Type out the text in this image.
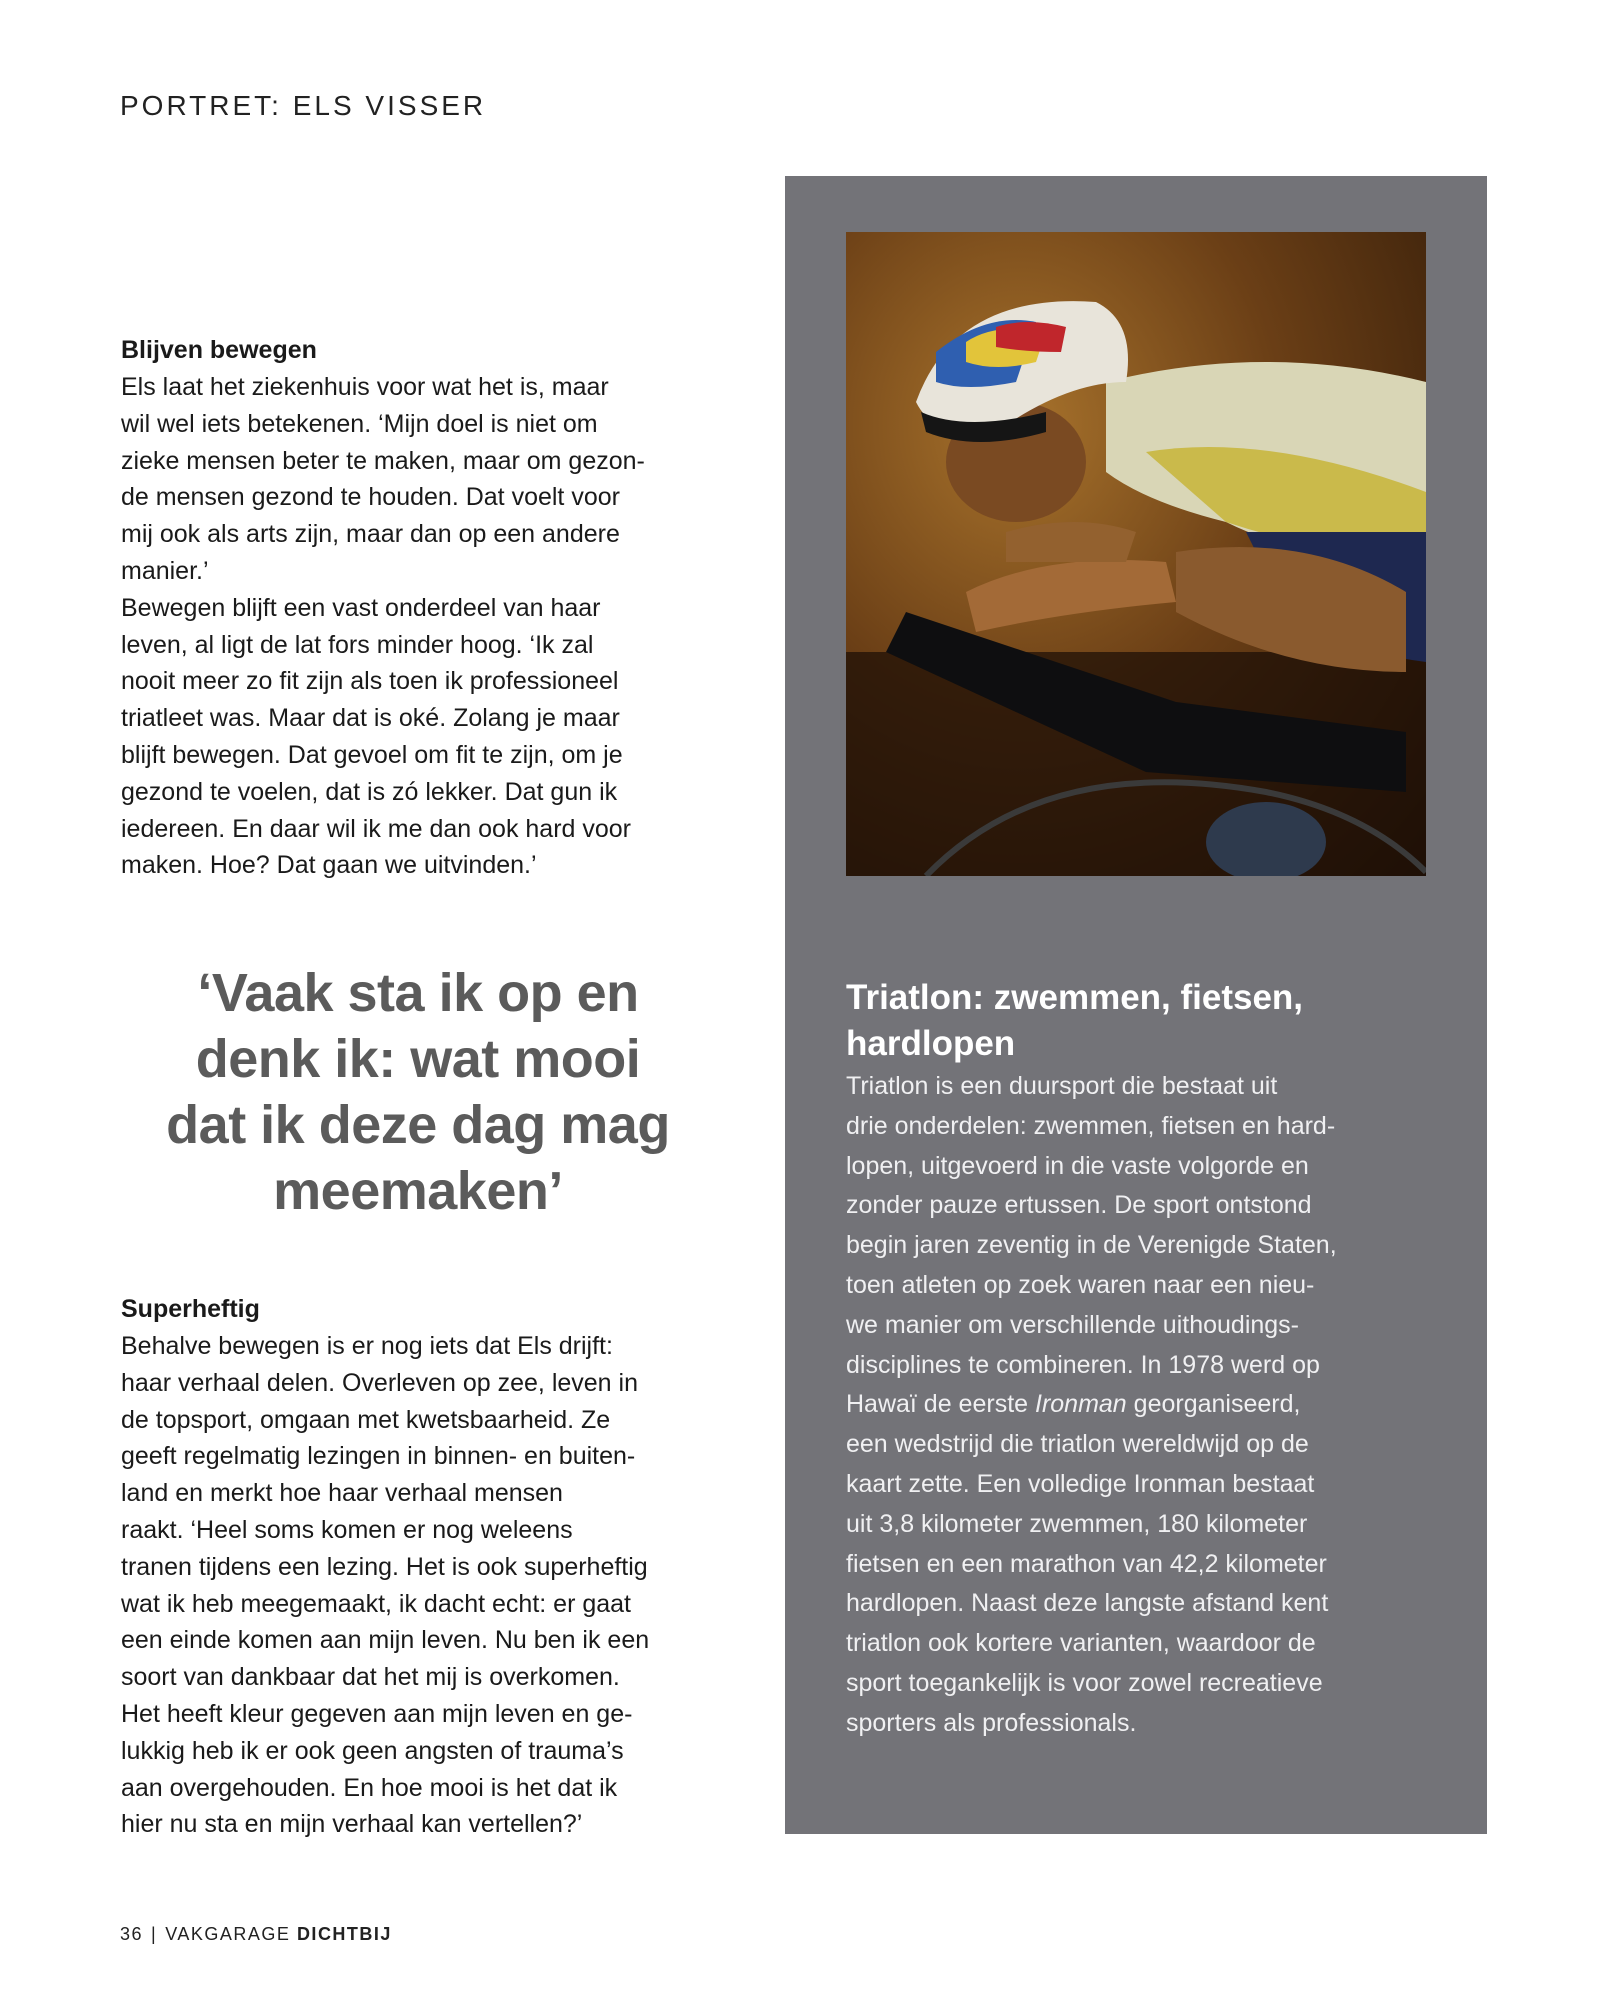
PORTRET: ELS VISSER

Blijven bewegen

Els laat het ziekenhuis voor wat het is, maar
wil wel iets betekenen. ‘Mijn doel is niet om
zieke mensen beter te maken, maar om gezon-
de mensen gezond te houden. Dat voelt voor
mij ook als arts zijn, maar dan op een andere
manier.’

Bewegen blijft een vast onderdeel van haar
leven, al ligt de lat fors minder hoog. ‘Ik zal
nooit meer zo fit zijn als toen ik professioneel
triatleet was. Maar dat is oké. Zolang je maar
blijft bewegen. Dat gevoel om fit te zijn, om je
gezond te voelen, dat is zó lekker. Dat gun ik
iedereen. En daar wil ik me dan ook hard voor
maken. Hoe? Dat gaan we uitvinden.’

‘Vaak sta ik op en
denk ik: wat mooi
dat ik deze dag mag
meemaken’

Superheftig

Behalve bewegen is er nog iets dat Els drijft:
haar verhaal delen. Overleven op zee, leven in
de topsport, omgaan met kwetsbaarheid. Ze
geeft regelmatig lezingen in binnen- en buiten-
land en merkt hoe haar verhaal mensen
raakt. ‘Heel soms komen er nog weleens
tranen tijdens een lezing. Het is ook superheftig
wat ik heb meegemaakt, ik dacht echt: er gaat
een einde komen aan mijn leven. Nu ben ik een
soort van dankbaar dat het mij is overkomen.
Het heeft kleur gegeven aan mijn leven en ge-
lukkig heb ik er ook geen angsten of trauma’s
aan overgehouden. En hoe mooi is het dat ik
hier nu sta en mijn verhaal kan vertellen?’

Triatlon: zwemmen, fietsen,
hardlopen

Triatlon is een duursport die bestaat uit
drie onderdelen: zwemmen, fietsen en hard-
lopen, uitgevoerd in die vaste volgorde en
zonder pauze ertussen. De sport ontstond
begin jaren zeventig in de Verenigde Staten,
toen atleten op zoek waren naar een nieu-
we manier om verschillende uithoudings-
disciplines te combineren. In 1978 werd op
Hawaï de eerste Ironman georganiseerd,
een wedstrijd die triatlon wereldwijd op de
kaart zette. Een volledige Ironman bestaat
uit 3,8 kilometer zwemmen, 180 kilometer
fietsen en een marathon van 42,2 kilometer
hardlopen. Naast deze langste afstand kent
triatlon ook kortere varianten, waardoor de
sport toegankelijk is voor zowel recreatieve
sporters als professionals.

36 | VAKGARAGE DICHTBIJ
